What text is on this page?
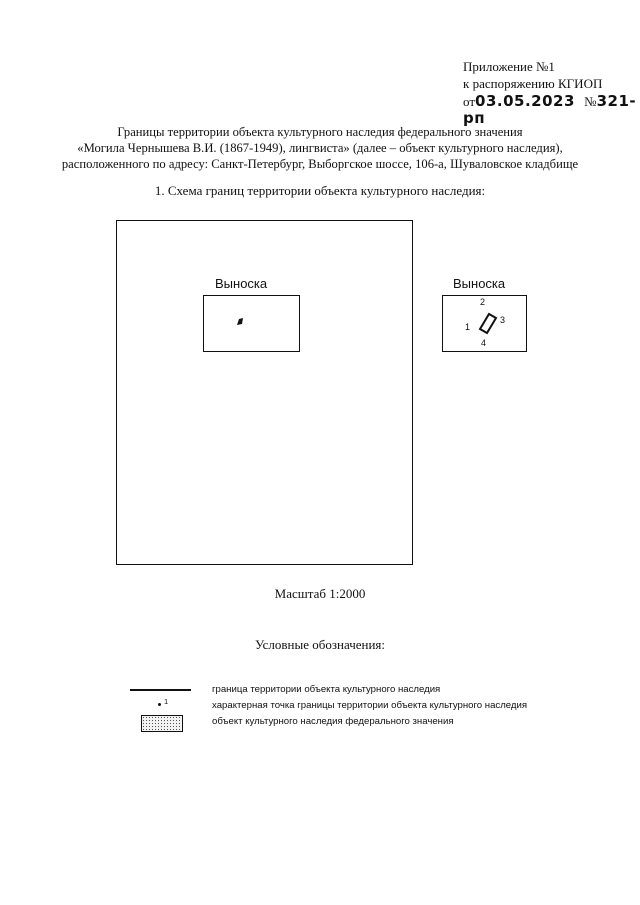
Приложение №1
к распоряжению КГИОП
от03.05.2023 №321-рп
Границы территории объекта культурного наследия федерального значения
«Могила Чернышева В.И. (1867-1949), лингвиста» (далее – объект культурного наследия),
расположенного по адресу: Санкт-Петербург, Выборгское шоссе, 106-а, Шуваловское кладбище
1. Схема границ территории объекта культурного наследия:
Выноска	Выноска
1
2
3
4
Масштаб 1:2000
Условные обозначения:
граница территории объекта культурного наследия
1	характерная точка границы территории объекта культурного наследия
объект культурного наследия федерального значения
